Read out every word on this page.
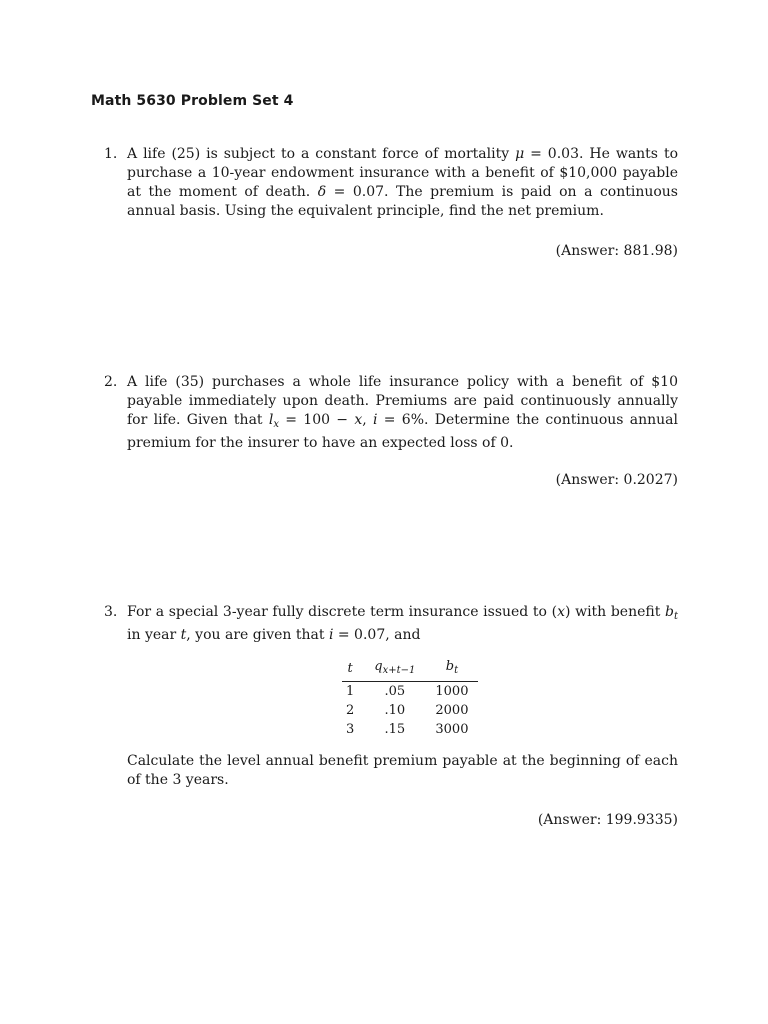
Math 5630 Problem Set 4
1. A life (25) is subject to a constant force of mortality μ = 0.03. He wants to purchase a 10-year endowment insurance with a benefit of $10,000 payable at the moment of death. δ = 0.07. The premium is paid on a continuous annual basis. Using the equivalent principle, find the net premium.

(Answer: 881.98)
2. A life (35) purchases a whole life insurance policy with a benefit of $10 payable immediately upon death. Premiums are paid continuously annually for life. Given that $l_x = 100 - x$, i = 6%. Determine the continuous annual premium for the insurer to have an expected loss of 0.

(Answer: 0.2027)
3. For a special 3-year fully discrete term insurance issued to (x) with benefit $b_t$ in year t, you are given that i = 0.07, and

t	$q_{x+t-1}$	$b_t$
1	.05	1000
2	.10	2000
3	.15	3000
Calculate the level annual benefit premium payable at the beginning of each of the 3 years.
(Answer: 199.9335)
